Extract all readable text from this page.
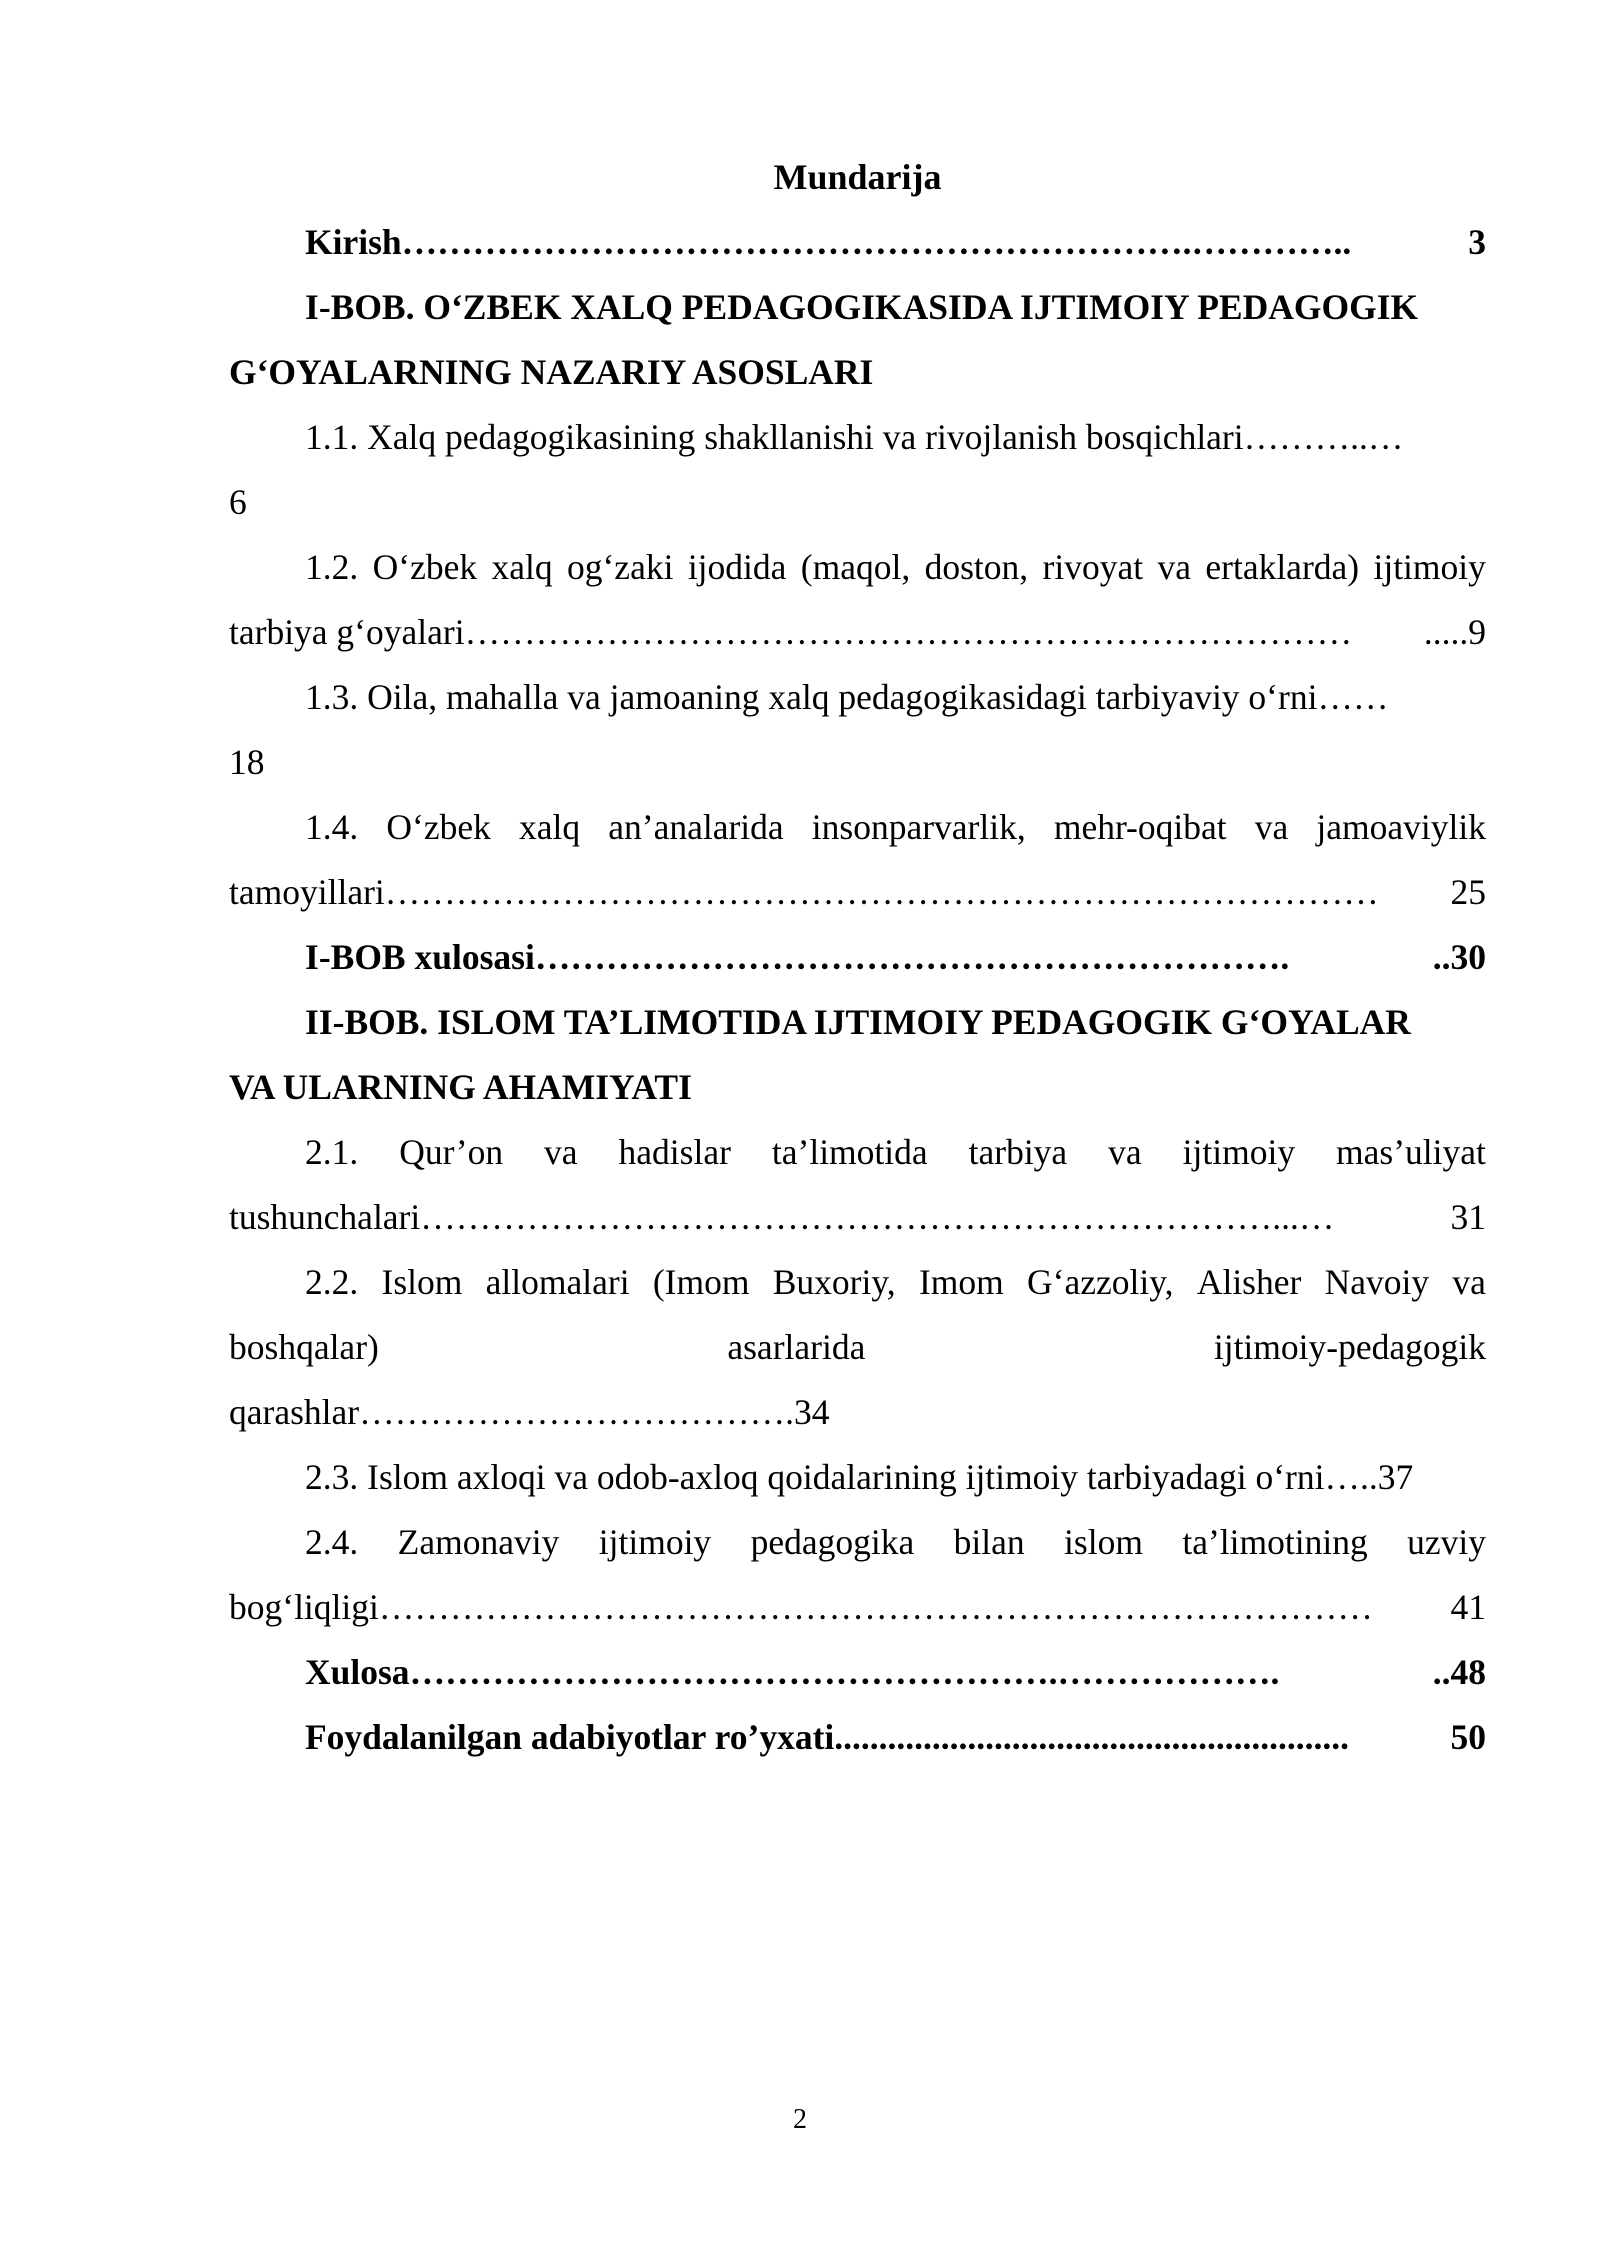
Mundarija
Kirish ………………………………………………………….…………..	3
I-BOB. O‘ZBEK XALQ PEDAGOGIKASIDA IJTIMOIY PEDAGOGIK
G‘OYALARNING NAZARIY ASOSLARI
1.1. Xalq pedagogikasining shakllanishi va rivojlanish bosqichlari………..…
6
1.2. O‘zbek xalq og‘zaki ijodida (maqol, doston, rivoyat va ertaklarda) ijtimoiy
tarbiya g‘oyalari …………………………………………………………………	.....9
1.3. Oila, mahalla va jamoaning xalq pedagogikasidagi tarbiyaviy o‘rni……
18
1.4. O‘zbek xalq an’analarida insonparvarlik, mehr-oqibat va jamoaviylik
tamoyillari …………………………………………………………………………	25
I-BOB xulosasi ……………………………………………………….	..30
II-BOB. ISLOM TA’LIMOTIDA IJTIMOIY PEDAGOGIK G‘OYALAR
VA ULARNING AHAMIYATI
2.1. Qur’on va hadislar ta’limotida tarbiya va ijtimoiy mas’uliyat
tushunchalari ………………………………………………………………...…	31
2.2. Islom allomalari (Imom Buxoriy, Imom G‘azzoliy, Alisher Navoiy va
boshqalar)	asarlarida	ijtimoiy-pedagogik
qarashlar……………………………….34
2.3. Islom axloqi va odob-axloq qoidalarining ijtimoiy tarbiyadagi o‘rni…..37
2.4. Zamonaviy ijtimoiy pedagogika bilan islom ta’limotining uzviy
bog‘liqligi …………………………………………………………………………	41
Xulosa ……………………………………………….……………….	..48
Foydalanilgan adabiyotlar ro’yxati ..........................................................	50
2
